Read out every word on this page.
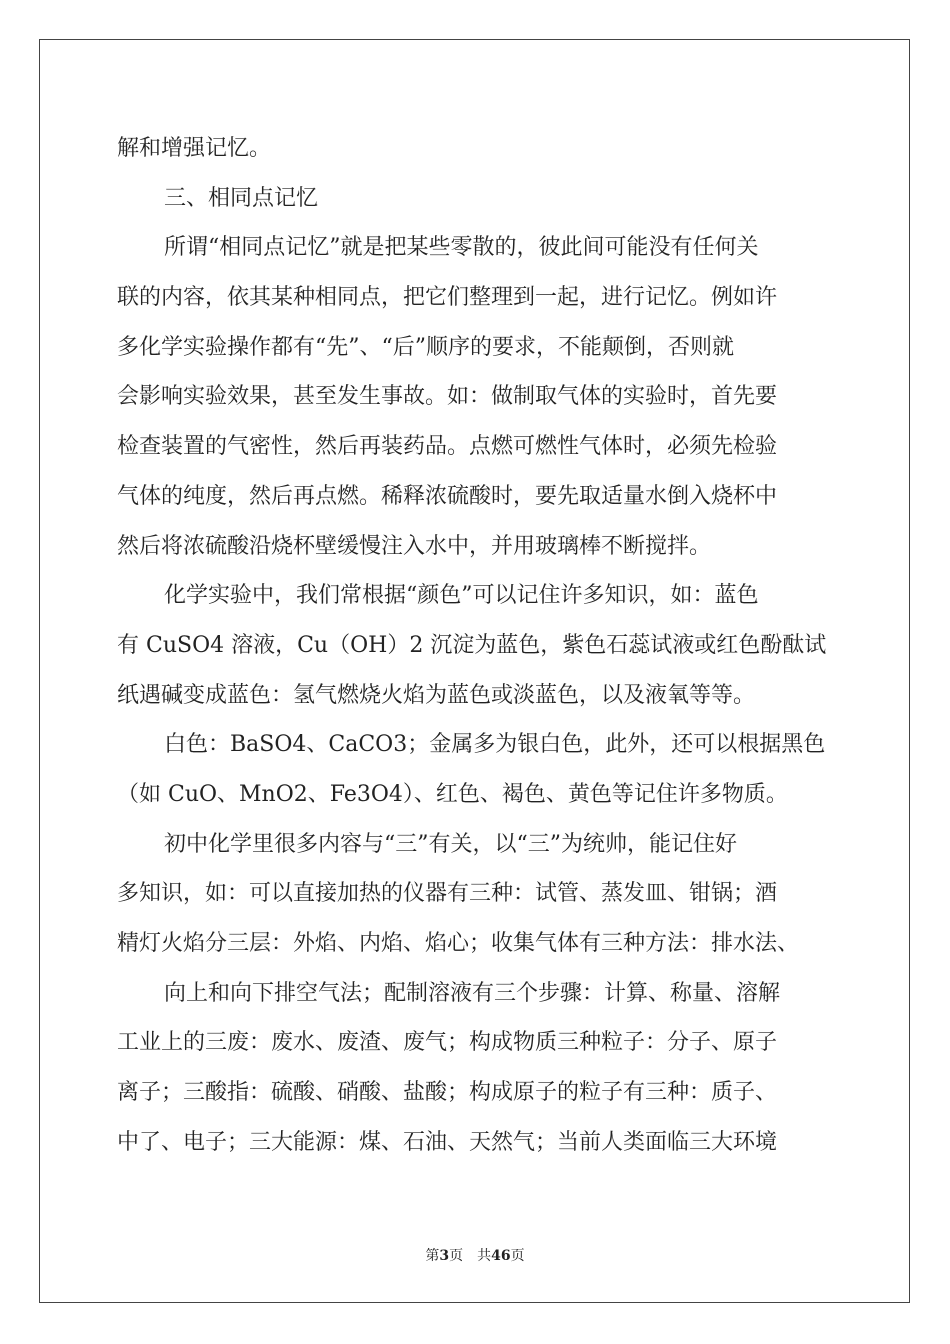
解和增强记忆。
三、相同点记忆
所谓“相同点记忆”就是把某些零散的，彼此间可能没有任何关
联的内容，依其某种相同点，把它们整理到一起，进行记忆。例如许
多化学实验操作都有“先”、“后”顺序的要求，不能颠倒，否则就
会影响实验效果，甚至发生事故。如：做制取气体的实验时，首先要
检查装置的气密性，然后再装药品。点燃可燃性气体时，必须先检验
气体的纯度，然后再点燃。稀释浓硫酸时，要先取适量水倒入烧杯中
然后将浓硫酸沿烧杯壁缓慢注入水中，并用玻璃棒不断搅拌。
化学实验中，我们常根据“颜色”可以记住许多知识，如：蓝色
有 CuSO4 溶液，Cu（OH）2 沉淀为蓝色，紫色石蕊试液或红色酚酞试
纸遇碱变成蓝色：氢气燃烧火焰为蓝色或淡蓝色，以及液氧等等。
白色：BaSO4、CaCO3；金属多为银白色，此外，还可以根据黑色
（如 CuO、MnO2、Fe3O4）、红色、褐色、黄色等记住许多物质。
初中化学里很多内容与“三”有关，以“三”为统帅，能记住好
多知识，如：可以直接加热的仪器有三种：试管、蒸发皿、钳锅；酒
精灯火焰分三层：外焰、内焰、焰心；收集气体有三种方法：排水法、
向上和向下排空气法；配制溶液有三个步骤：计算、称量、溶解
工业上的三废：废水、废渣、废气；构成物质三种粒子：分子、原子
离子；三酸指：硫酸、硝酸、盐酸；构成原子的粒子有三种：质子、
中了、电子；三大能源：煤、石油、天然气；当前人类面临三大环境
第3页 共46页
